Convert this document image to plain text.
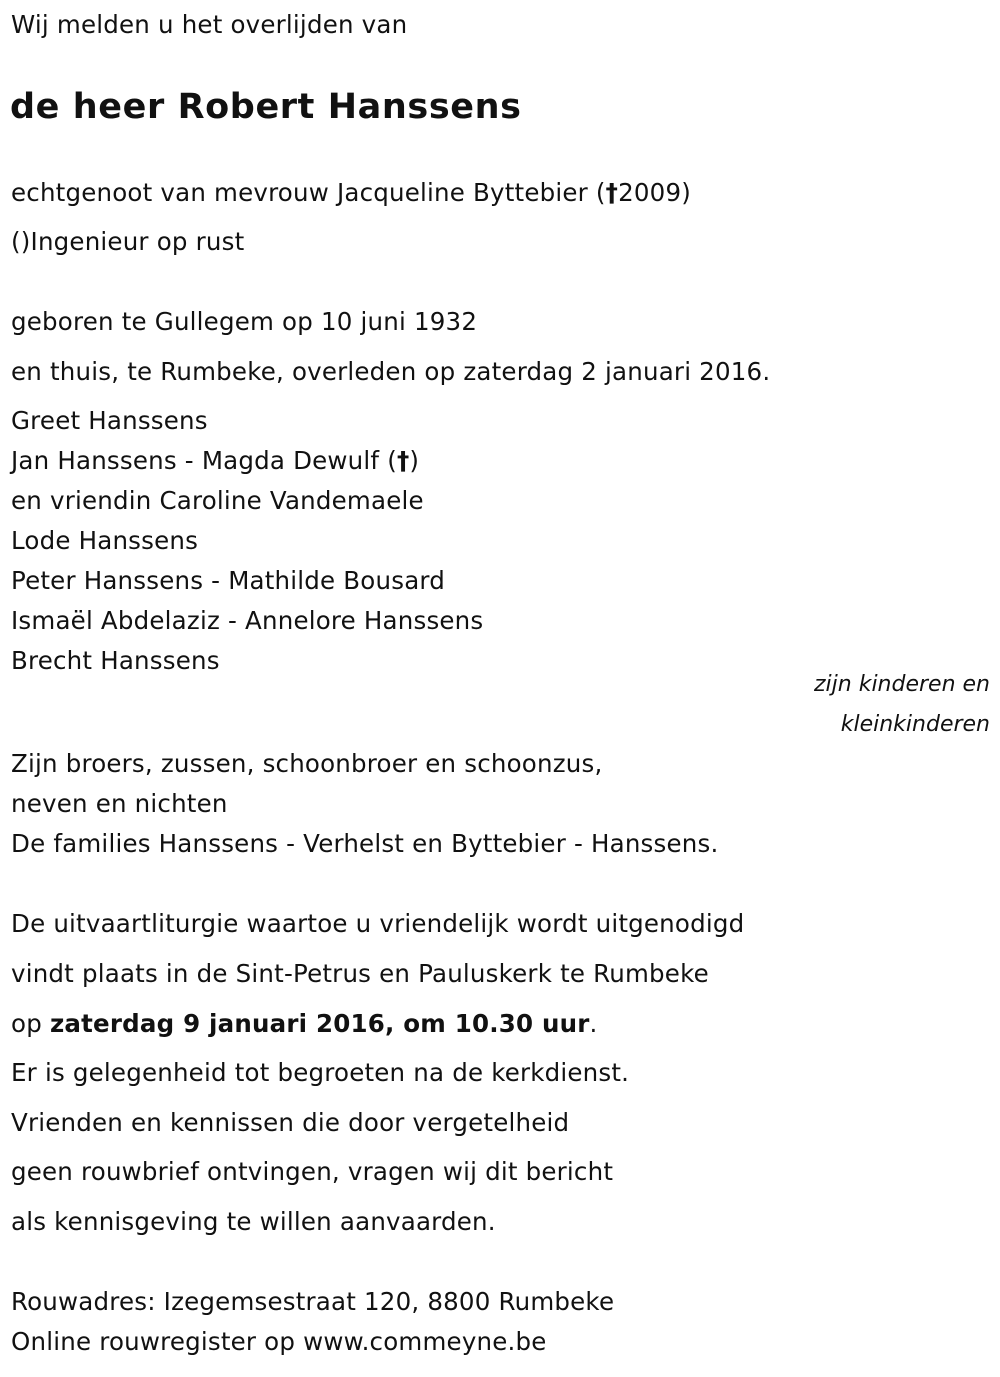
Wij melden u het overlijden van
de heer Robert Hanssens
echtgenoot van mevrouw Jacqueline Byttebier (†2009)
()Ingenieur op rust
geboren te Gullegem op 10 juni 1932
en thuis, te Rumbeke, overleden op zaterdag 2 januari 2016.
Greet Hanssens
Jan Hanssens - Magda Dewulf (†)
en vriendin Caroline Vandemaele
Lode Hanssens
Peter Hanssens - Mathilde Bousard
Ismaël Abdelaziz - Annelore Hanssens
Brecht Hanssens
zijn kinderen en
kleinkinderen
Zijn broers, zussen, schoonbroer en schoonzus,
neven en nichten
De families Hanssens - Verhelst en Byttebier - Hanssens.
De uitvaartliturgie waartoe u vriendelijk wordt uitgenodigd
vindt plaats in de Sint-Petrus en Pauluskerk te Rumbeke
op zaterdag 9 januari 2016, om 10.30 uur.
Er is gelegenheid tot begroeten na de kerkdienst.
Vrienden en kennissen die door vergetelheid
geen rouwbrief ontvingen, vragen wij dit bericht
als kennisgeving te willen aanvaarden.
Rouwadres: Izegemsestraat 120, 8800 Rumbeke
Online rouwregister op www.commeyne.be
